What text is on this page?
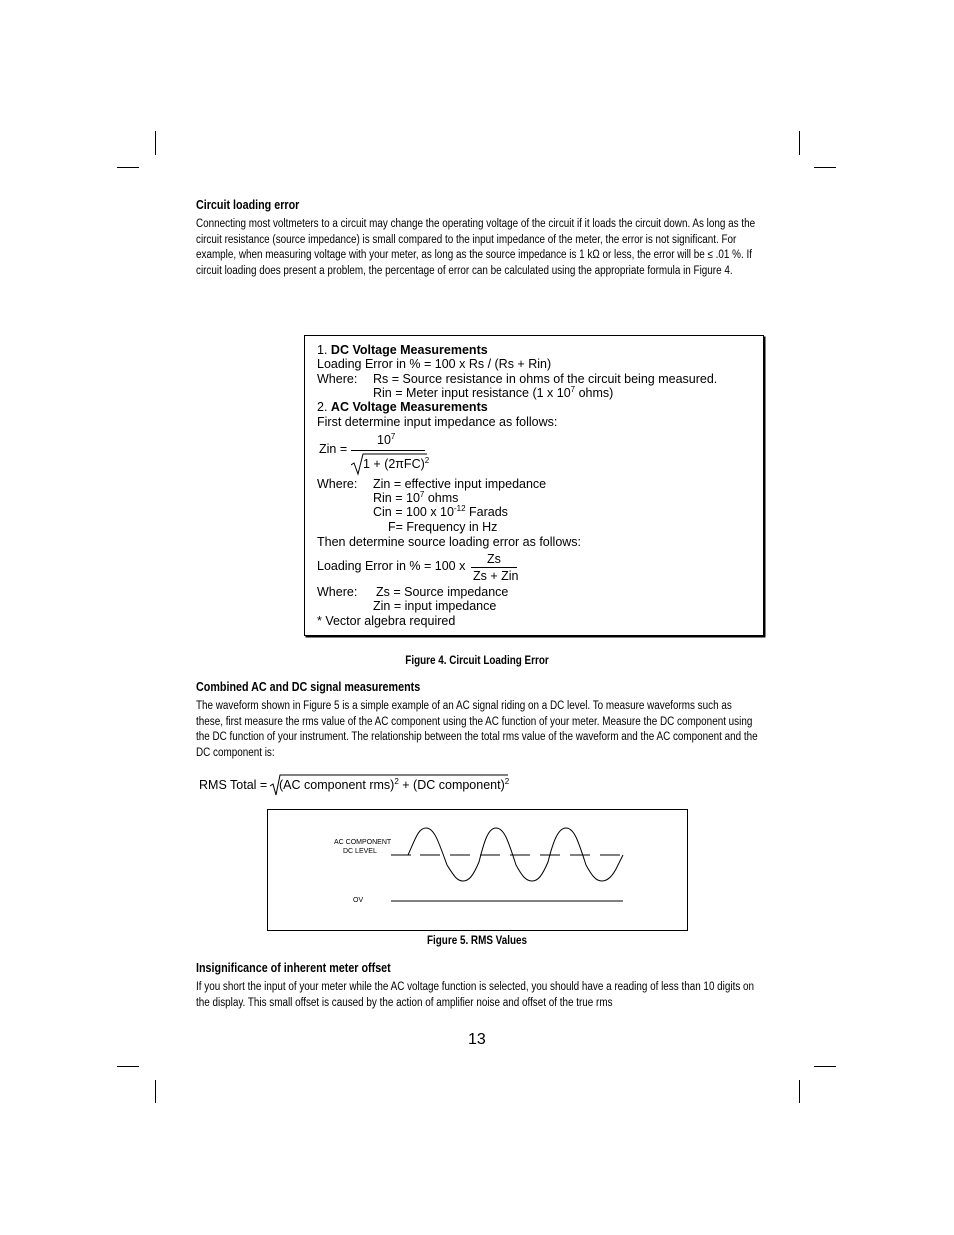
Circuit loading error
Connecting most voltmeters to a circuit may change the operating voltage of the circuit if it loads the circuit down. As long as the circuit resistance (source impedance) is small compared to the input impedance of the meter, the error is not significant. For example, when measuring voltage with your meter, as long as the source impedance is 1 kΩ or less, the error will be ≤ .01 %. If circuit loading does present a problem, the percentage of error can be calculated using the appropriate formula in Figure 4.
1. DC Voltage Measurements
Loading Error in % = 100 x Rs / (Rs + Rin)
Where: Rs = Source resistance in ohms of the circuit being measured.
Rin = Meter input resistance (1 x $10^7$ ohms)
2. AC Voltage Measurements
First determine input impedance as follows:
Zin =
$10^7$
$1 + (2\pi FC)^2$
Where: Zin = effective input impedance
Rin = $10^7$ ohms
Cin = 100 x $10^{-12}$ Farads
F= Frequency in Hz
Then determine source loading error as follows:
Loading Error in % = 100 x Zs
Zs + Zin
Where: Zs = Source impedance
Zin = input impedance
* Vector algebra required
Figure 4. Circuit Loading Error
Combined AC and DC signal measurements
The waveform shown in Figure 5 is a simple example of an AC signal riding on a DC level. To measure waveforms such as these, first measure the rms value of the AC component using the AC function of your meter. Measure the DC component using the DC function of your instrument. The relationship between the total rms value of the waveform and the AC component and the DC component is:
RMS Total = (AC component rms)$^2$ + (DC component)$^2$
AC COMPONENT
DC LEVEL
OV
Figure 5. RMS Values
Insignificance of inherent meter offset
If you short the input of your meter while the AC voltage function is selected, you should have a reading of less than 10 digits on the display. This small offset is caused by the action of amplifier noise and offset of the true rms
13
